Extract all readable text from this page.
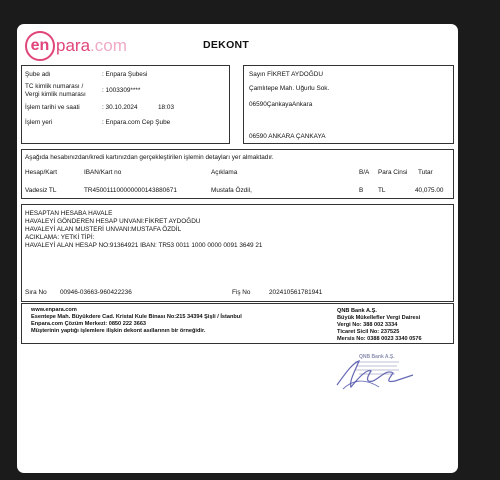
en para .com	DEKONT
Şube adı	: Enpara Şubesi
TC kimlik numarası /
Vergi kimlik numarası
: 1003309****
İşlem tarihi ve saati	: 30.10.2024	18:03
İşlem yeri	: Enpara.com Cep Şube
Sayın FİKRET AYDOĞDU
Çamlıtepe Mah. Uğurlu Sok.
06590ÇankayaAnkara
06590 ANKARA ÇANKAYA
Aşağıda hesabınızdan/kredi kartınızdan gerçekleştirilen işlemin detayları yer almaktadır.
Hesap/Kart	IBAN/Kart no	Açıklama	B/A Para Cinsi Tutar
Vadesiz TL	TR450011100000000143880671	Mustafa Özdil,	B TL	40,075.00
HESAPTAN HESABA HAVALE
HAVALEYİ GÖNDEREN HESAP UNVANI:FİKRET AYDOĞDU
HAVALEYİ ALAN MUSTERİ UNVANI:MUSTAFA ÖZDİL
ACIKLAMA: YETKİ TİPİ:
HAVALEYİ ALAN HESAP NO:91364921 IBAN: TR53 0011 1000 0000 0091 3649 21
Sıra No 00946-03663-960422236	Fiş No	202410561781941
www.enpara.com
Esentepe Mah. Büyükdere Cad. Kristal Kule Binası No:215 34394 Şişli / İstanbul
Enpara.com Çözüm Merkezi: 0850 222 3663
Müşterinin yaptığı işlemlere ilişkin dekont asıllarının bir örneğidir.
QNB Bank A.Ş.
Büyük Mükellefler Vergi Dairesi
Vergi No: 388 002 3334
Ticaret Sicil No: 237525
Mersis No: 0388 0023 3340 0576
QNB Bank A.Ş.
